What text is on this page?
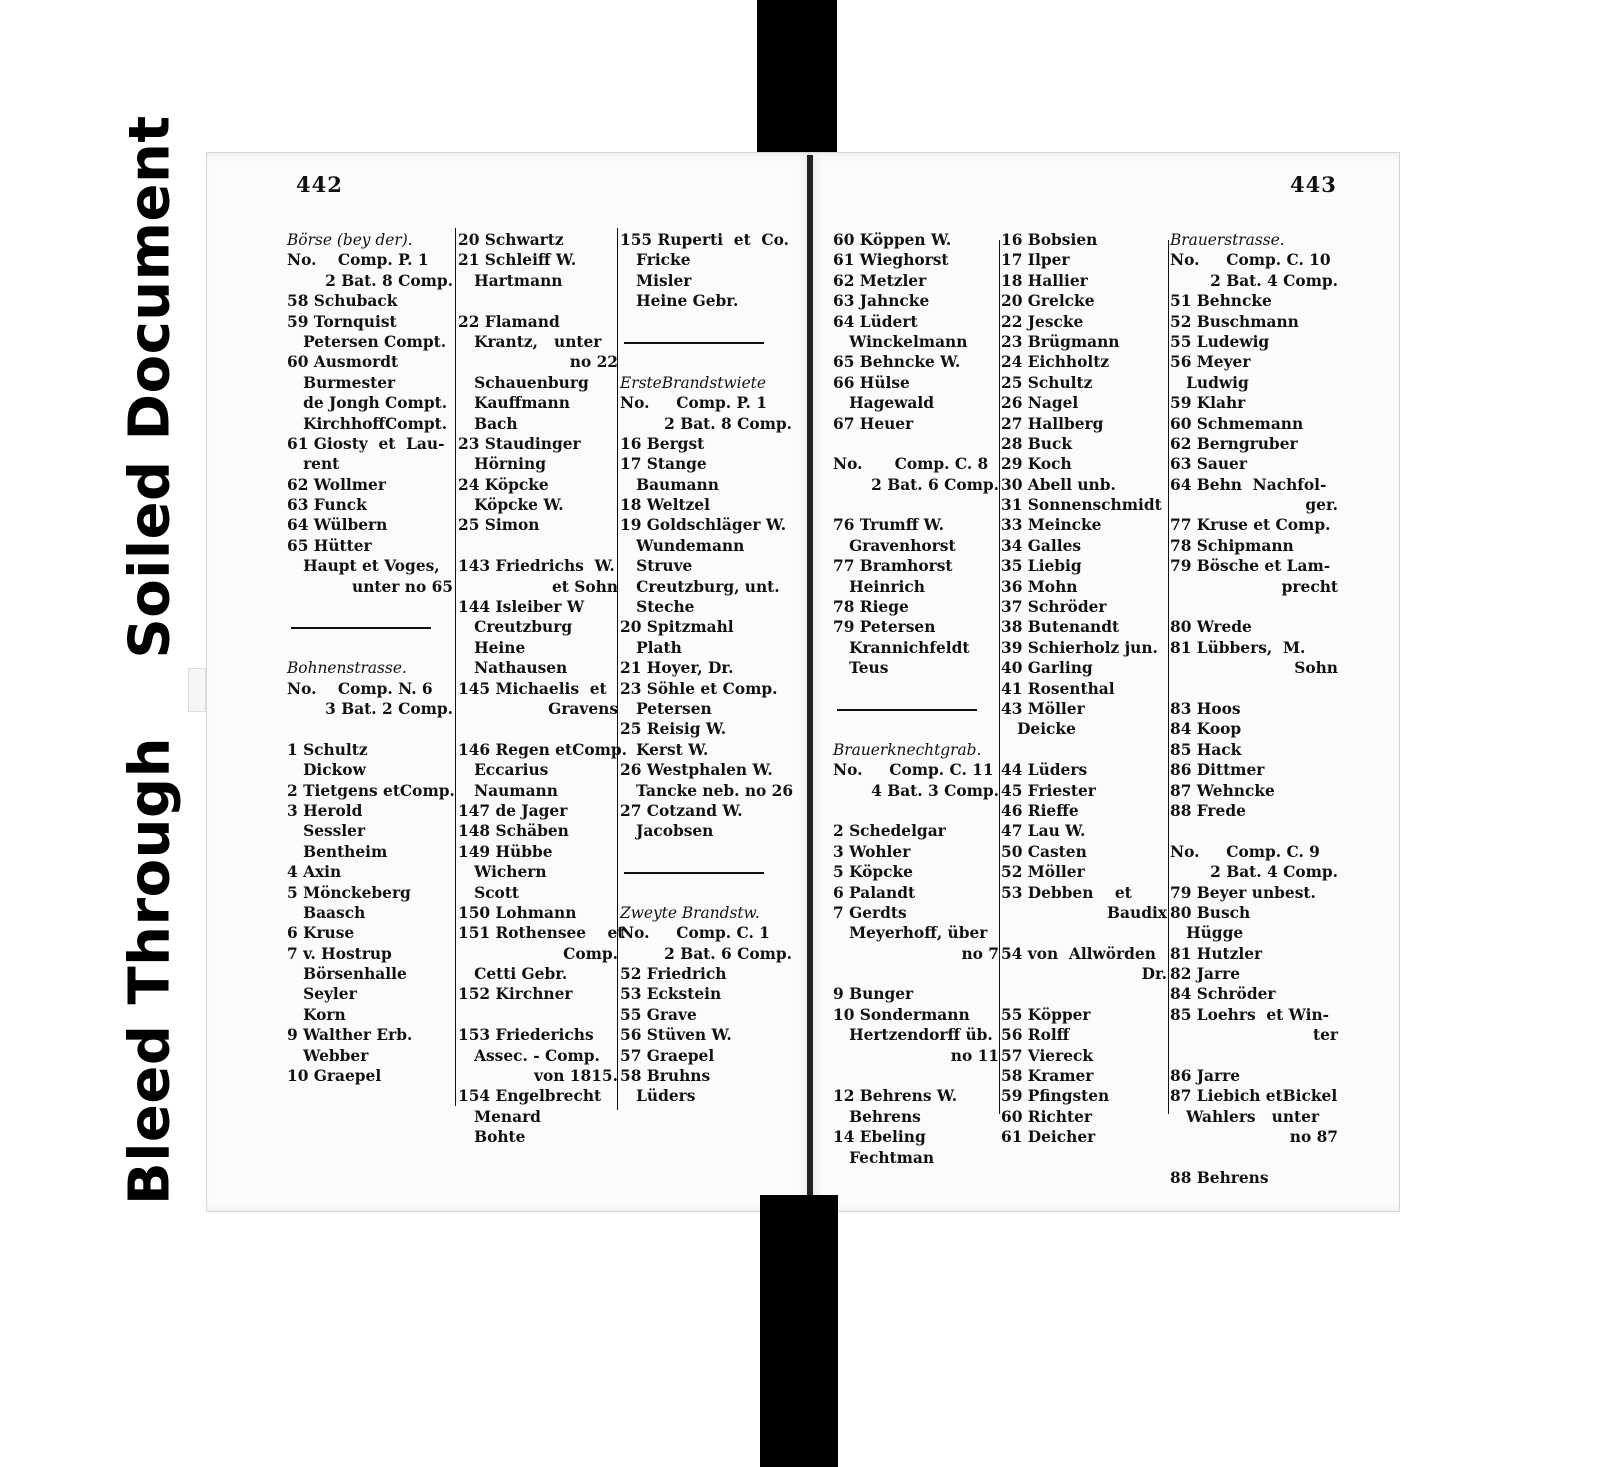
Soiled Document
Bleed Through
442	443
Börse (bey der).
No.    Comp. P. 1
2 Bat. 8 Comp.
58 Schuback
59 Tornquist
Petersen Compt.
60 Ausmordt
Burmester
de Jongh Compt.
KirchhoffCompt.
61 Giosty  et  Lau-
rent
62 Wollmer
63 Funck
64 Wülbern
65 Hütter
Haupt et Voges,
unter no 65
Bohnenstrasse.
No.    Comp. N. 6
3 Bat. 2 Comp.
1 Schultz
Dickow
2 Tietgens etComp.
3 Herold
Sessler
Bentheim
4 Axin
5 Mönckeberg
Baasch
6 Kruse
7 v. Hostrup
Börsenhalle
Seyler
Korn
9 Walther Erb.
Webber
10 Graepel
20 Schwartz
21 Schleiff W.
Hartmann
22 Flamand
Krantz,   unter
no 22
Schauenburg
Kauffmann
Bach
23 Staudinger
Hörning
24 Köpcke
Köpcke W.
25 Simon
143 Friedrichs  W.
et Sohn
144 Isleiber W
Creutzburg
Heine
Nathausen
145 Michaelis  et
Gravens
146 Regen etComp.
Eccarius
Naumann
147 de Jager
148 Schäben
149 Hübbe
Wichern
Scott
150 Lohmann
151 Rothensee    et
Comp.
Cetti Gebr.
152 Kirchner
153 Friederichs
Assec. - Comp.
von 1815.
154 Engelbrecht
Menard
Bohte
155 Ruperti  et  Co.
Fricke
Misler
Heine Gebr.
ErsteBrandstwiete
No.     Comp. P. 1
2 Bat. 8 Comp.
16 Bergst
17 Stange
Baumann
18 Weltzel
19 Goldschläger W.
Wundemann
Struve
Creutzburg, unt.
Steche
20 Spitzmahl
Plath
21 Hoyer, Dr.
23 Söhle et Comp.
Petersen
25 Reisig W.
Kerst W.
26 Westphalen W.
Tancke neb. no 26
27 Cotzand W.
Jacobsen
Zweyte Brandstw.
No.     Comp. C. 1
2 Bat. 6 Comp.
52 Friedrich
53 Eckstein
55 Grave
56 Stüven W.
57 Graepel
58 Bruhns
Lüders
60 Köppen W.
61 Wieghorst
62 Metzler
63 Jahncke
64 Lüdert
Winckelmann
65 Behncke W.
66 Hülse
Hagewald
67 Heuer
No.      Comp. C. 8
2 Bat. 6 Comp.
76 Trumff W.
Gravenhorst
77 Bramhorst
Heinrich
78 Riege
79 Petersen
Krannichfeldt
Teus
Brauerknechtgrab.
No.     Comp. C. 11
4 Bat. 3 Comp.
2 Schedelgar
3 Wohler
5 Köpcke
6 Palandt
7 Gerdts
Meyerhoff, über
no 7
9 Bunger
10 Sondermann
Hertzendorff üb.
no 11
12 Behrens W.
Behrens
14 Ebeling
Fechtman
16 Bobsien
17 Ilper
18 Hallier
20 Grelcke
22 Jescke
23 Brügmann
24 Eichholtz
25 Schultz
26 Nagel
27 Hallberg
28 Buck
29 Koch
30 Abell unb.
31 Sonnenschmidt
33 Meincke
34 Galles
35 Liebig
36 Mohn
37 Schröder
38 Butenandt
39 Schierholz jun.
40 Garling
41 Rosenthal
43 Möller
Deicke
44 Lüders
45 Friester
46 Rieffe
47 Lau W.
50 Casten
52 Möller
53 Debben    et
Baudix
54 von  Allwörden
Dr.
55 Köpper
56 Rolff
57 Viereck
58 Kramer
59 Pfingsten
60 Richter
61 Deicher
Brauerstrasse.
No.     Comp. C. 10
2 Bat. 4 Comp.
51 Behncke
52 Buschmann
55 Ludewig
56 Meyer
Ludwig
59 Klahr
60 Schmemann
62 Berngruber
63 Sauer
64 Behn  Nachfol-
ger.
77 Kruse et Comp.
78 Schipmann
79 Bösche et Lam-
precht
80 Wrede
81 Lübbers,  M.
Sohn
83 Hoos
84 Koop
85 Hack
86 Dittmer
87 Wehncke
88 Frede
No.     Comp. C. 9
2 Bat. 4 Comp.
79 Beyer unbest.
80 Busch
Hügge
81 Hutzler
82 Jarre
84 Schröder
85 Loehrs  et Win-
ter
86 Jarre
87 Liebich etBickel
Wahlers   unter
no 87
88 Behrens
